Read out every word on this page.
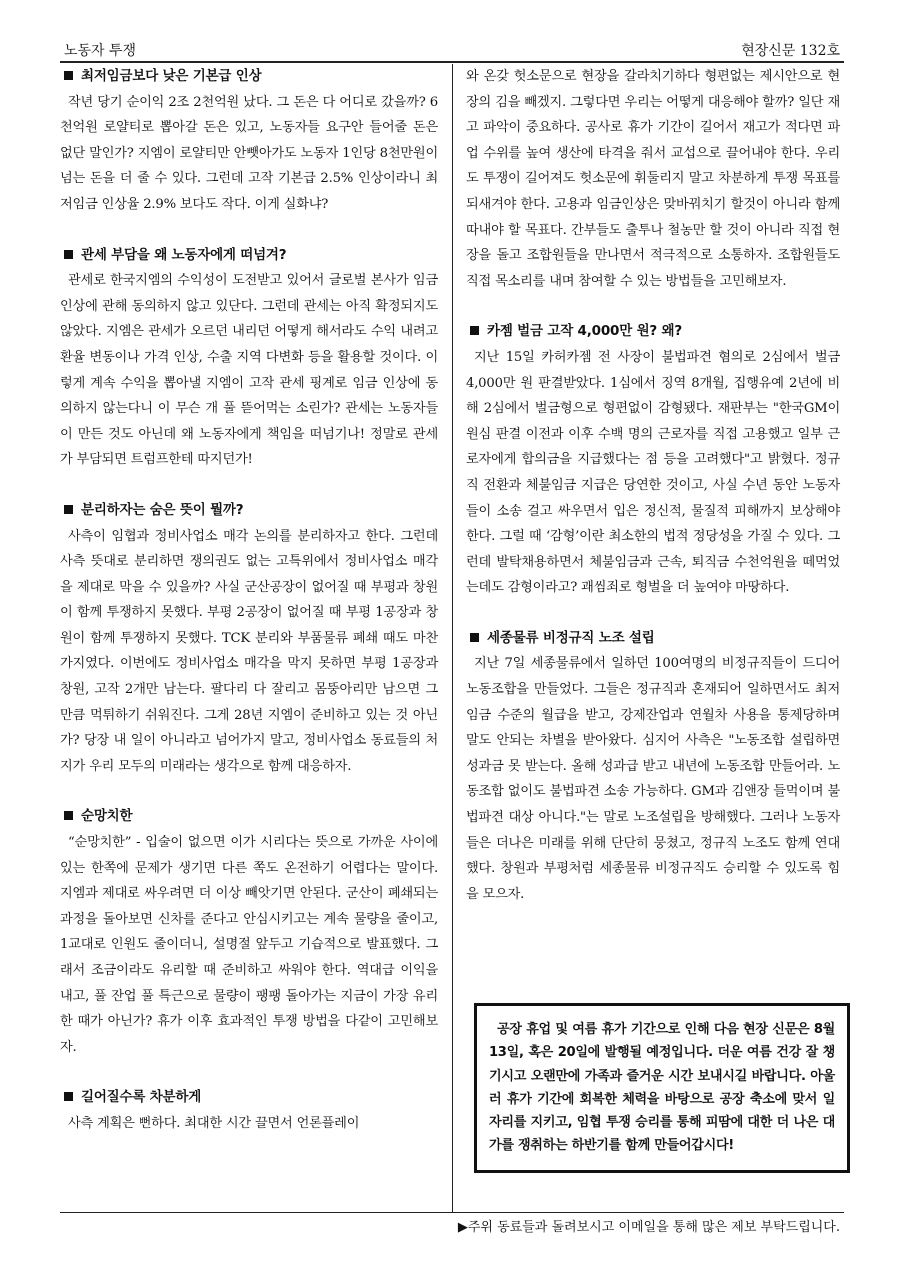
노동자 투쟁	현장신문 132호
최저임금보다 낮은 기본급 인상

작년 당기 순이익 2조 2천억원 났다. 그 돈은 다 어디로 갔을까? 6천억원 로얄티로 뽑아갈 돈은 있고, 노동자들 요구안 들어줄 돈은 없단 말인가? 지엠이 로얄티만 안뺏아가도 노동자 1인당 8천만원이 넘는 돈을 더 줄 수 있다. 그런데 고작 기본급 2.5% 인상이라니 최저임금 인상율 2.9% 보다도 작다. 이게 실화냐?

관세 부담을 왜 노동자에게 떠넘겨?

관세로 한국지엠의 수익성이 도전받고 있어서 글로벌 본사가 임금 인상에 관해 동의하지 않고 있단다. 그런데 관세는 아직 확정되지도 않았다. 지엠은 관세가 오르던 내리던 어떻게 해서라도 수익 내려고 환율 변동이나 가격 인상, 수출 지역 다변화 등을 활용할 것이다. 이렇게 계속 수익을 뽑아낼 지엠이 고작 관세 핑계로 임금 인상에 동의하지 않는다니 이 무슨 개 풀 뜯어먹는 소린가? 관세는 노동자들이 만든 것도 아닌데 왜 노동자에게 책임을 떠넘기나! 정말로 관세가 부담되면 트럼프한테 따지던가!

분리하자는 숨은 뜻이 뭘까?

사측이 임협과 정비사업소 매각 논의를 분리하자고 한다. 그런데 사측 뜻대로 분리하면 쟁의권도 없는 고특위에서 정비사업소 매각을 제대로 막을 수 있을까? 사실 군산공장이 없어질 때 부평과 창원이 함께 투쟁하지 못했다. 부평 2공장이 없어질 때 부평 1공장과 창원이 함께 투쟁하지 못했다. TCK 분리와 부품물류 폐쇄 때도 마찬가지였다. 이번에도 정비사업소 매각을 막지 못하면 부평 1공장과 창원, 고작 2개만 남는다. 팔다리 다 잘리고 몸뚱아리만 남으면 그만큼 먹튀하기 쉬워진다. 그게 28년 지엠이 준비하고 있는 것 아닌가? 당장 내 일이 아니라고 넘어가지 말고, 정비사업소 동료들의 처지가 우리 모두의 미래라는 생각으로 함께 대응하자.

순망치한

“순망치한” - 입술이 없으면 이가 시리다는 뜻으로 가까운 사이에 있는 한쪽에 문제가 생기면 다른 쪽도 온전하기 어렵다는 말이다. 지엠과 제대로 싸우려면 더 이상 빼앗기면 안된다. 군산이 폐쇄되는 과정을 돌아보면 신차를 준다고 안심시키고는 계속 물량을 줄이고, 1교대로 인원도 줄이더니, 설명절 앞두고 기습적으로 발표했다. 그래서 조금이라도 유리할 때 준비하고 싸워야 한다. 역대급 이익을 내고, 풀 잔업 풀 특근으로 물량이 팽팽 돌아가는 지금이 가장 유리한 때가 아닌가? 휴가 이후 효과적인 투쟁 방법을 다같이 고민해보자.

길어질수록 차분하게

사측 계획은 뻔하다. 최대한 시간 끌면서 언론플레이

와 온갖 헛소문으로 현장을 갈라치기하다 형편없는 제시안으로 현장의 김을 빼겠지. 그렇다면 우리는 어떻게 대응해야 할까? 일단 재고 파악이 중요하다. 공사로 휴가 기간이 길어서 재고가 적다면 파업 수위를 높여 생산에 타격을 줘서 교섭으로 끌어내야 한다. 우리도 투쟁이 길어져도 헛소문에 휘둘리지 말고 차분하게 투쟁 목표를 되새겨야 한다. 고용과 임금인상은 맞바꿔치기 할것이 아니라 함께 따내야 할 목표다. 간부들도 출투나 철농만 할 것이 아니라 직접 현장을 돌고 조합원들을 만나면서 적극적으로 소통하자. 조합원들도 직접 목소리를 내며 참여할 수 있는 방법들을 고민해보자.

카젬 벌금 고작 4,000만 원? 왜?

지난 15일 카허카젬 전 사장이 불법파견 혐의로 2심에서 벌금 4,000만 원 판결받았다. 1심에서 징역 8개월, 집행유예 2년에 비해 2심에서 벌금형으로 형편없이 감형됐다. 재판부는 "한국GM이 원심 판결 이전과 이후 수백 명의 근로자를 직접 고용했고 일부 근로자에게 합의금을 지급했다는 점 등을 고려했다"고 밝혔다. 정규직 전환과 체불임금 지급은 당연한 것이고, 사실 수년 동안 노동자들이 소송 걸고 싸우면서 입은 정신적, 물질적 피해까지 보상해야 한다. 그럴 때 ‘감형’이란 최소한의 법적 정당성을 가질 수 있다. 그런데 발탁채용하면서 체불임금과 근속, 퇴직금 수천억원을 떼먹었는데도 감형이라고? 괘씸죄로 형벌을 더 높여야 마땅하다.

세종물류 비정규직 노조 설립

지난 7일 세종물류에서 일하던 100여명의 비정규직들이 드디어 노동조합을 만들었다. 그들은 정규직과 혼재되어 일하면서도 최저임금 수준의 월급을 받고, 강제잔업과 연월차 사용을 통제당하며 말도 안되는 차별을 받아왔다. 심지어 사측은 "노동조합 설립하면 성과금 못 받는다. 올해 성과급 받고 내년에 노동조합 만들어라. 노동조합 없이도 불법파견 소송 가능하다. GM과 김앤장 들먹이며 불법파견 대상 아니다."는 말로 노조설립을 방해했다. 그러나 노동자들은 더나은 미래를 위해 단단히 뭉쳤고, 정규직 노조도 함께 연대했다. 창원과 부평처럼 세종물류 비정규직도 승리할 수 있도록 힘을 모으자.

공장 휴업 및 여름 휴가 기간으로 인해 다음 현장 신문은 8월 13일, 혹은 20일에 발행될 예정입니다. 더운 여름 건강 잘 챙기시고 오랜만에 가족과 즐거운 시간 보내시길 바랍니다. 아울러 휴가 기간에 회복한 체력을 바탕으로 공장 축소에 맞서 일자리를 지키고, 임협 투쟁 승리를 통해 피땀에 대한 더 나은 대가를 쟁취하는 하반기를 함께 만들어갑시다!

▶주위 동료들과 돌려보시고 이메일을 통해 많은 제보 부탁드립니다.
